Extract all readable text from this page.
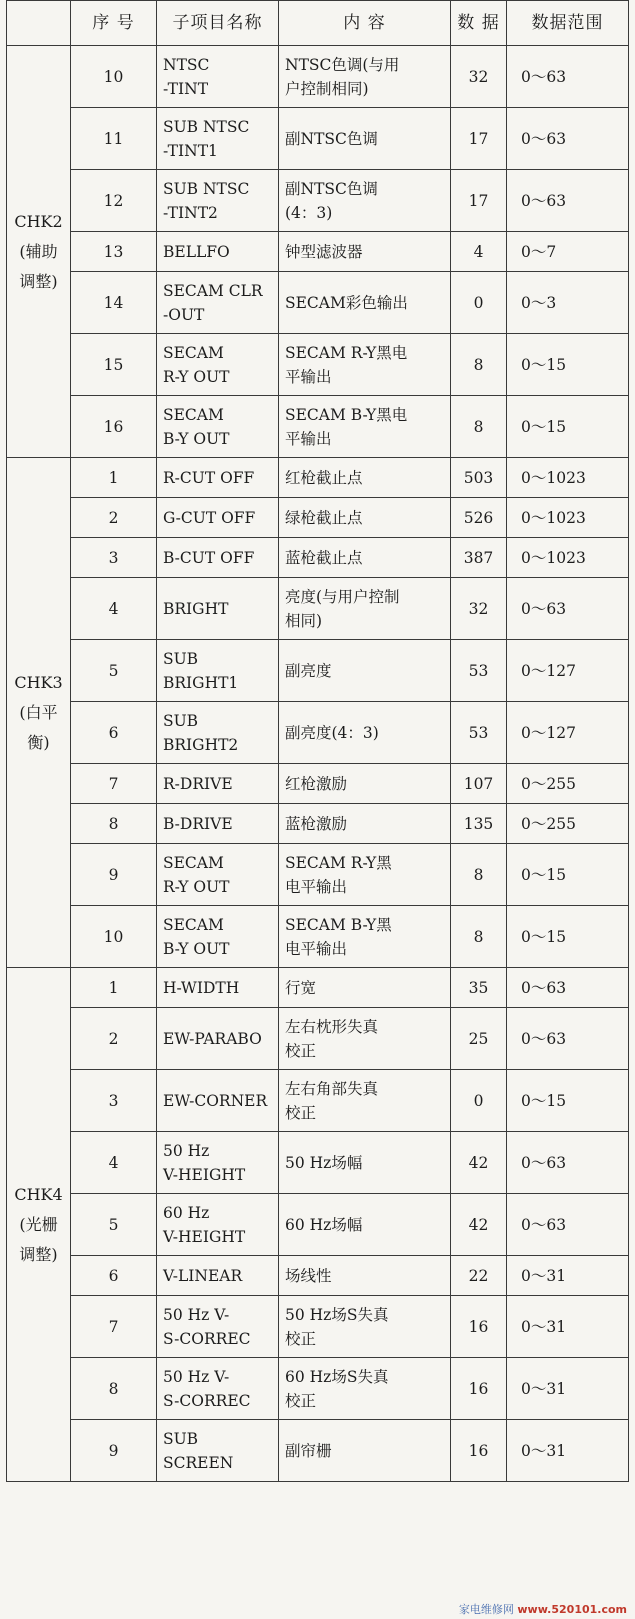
	序 号	子项目名称	内 容	数 据	数据范围
CHK2
(辅助
调整)	10	NTSC
-TINT	NTSC色调(与用
户控制相同)	32	0～63
	11	SUB NTSC
-TINT1	副NTSC色调	17	0～63
	12	SUB NTSC
-TINT2	副NTSC色调
(4：3)	17	0～63
	13	BELLFO	钟型滤波器	4	0～7
	14	SECAM CLR
-OUT	SECAM彩色输出	0	0～3
	15	SECAM
R-Y OUT	SECAM R-Y黑电
平输出	8	0～15
	16	SECAM
B-Y OUT	SECAM B-Y黑电
平输出	8	0～15
CHK3
(白平
衡)	1	R-CUT OFF	红枪截止点	503	0～1023
	2	G-CUT OFF	绿枪截止点	526	0～1023
	3	B-CUT OFF	蓝枪截止点	387	0～1023
	4	BRIGHT	亮度(与用户控制
相同)	32	0～63
	5	SUB
BRIGHT1	副亮度	53	0～127
	6	SUB
BRIGHT2	副亮度(4：3)	53	0～127
	7	R-DRIVE	红枪激励	107	0～255
	8	B-DRIVE	蓝枪激励	135	0～255
	9	SECAM
R-Y OUT	SECAM R-Y黑
电平输出	8	0～15
	10	SECAM
B-Y OUT	SECAM B-Y黑
电平输出	8	0～15
CHK4
(光栅
调整)	1	H-WIDTH	行宽	35	0～63
	2	EW-PARABO	左右枕形失真
校正	25	0～63
	3	EW-CORNER	左右角部失真
校正	0	0～15
	4	50 Hz
V-HEIGHT	50 Hz场幅	42	0～63
	5	60 Hz
V-HEIGHT	60 Hz场幅	42	0～63
	6	V-LINEAR	场线性	22	0～31
	7	50 Hz V-
S-CORREC	50 Hz场S失真
校正	16	0～31
	8	50 Hz V-
S-CORREC	60 Hz场S失真
校正	16	0～31
	9	SUB
SCREEN	副帘栅	16	0～31
家电维修网 www.520101.com
